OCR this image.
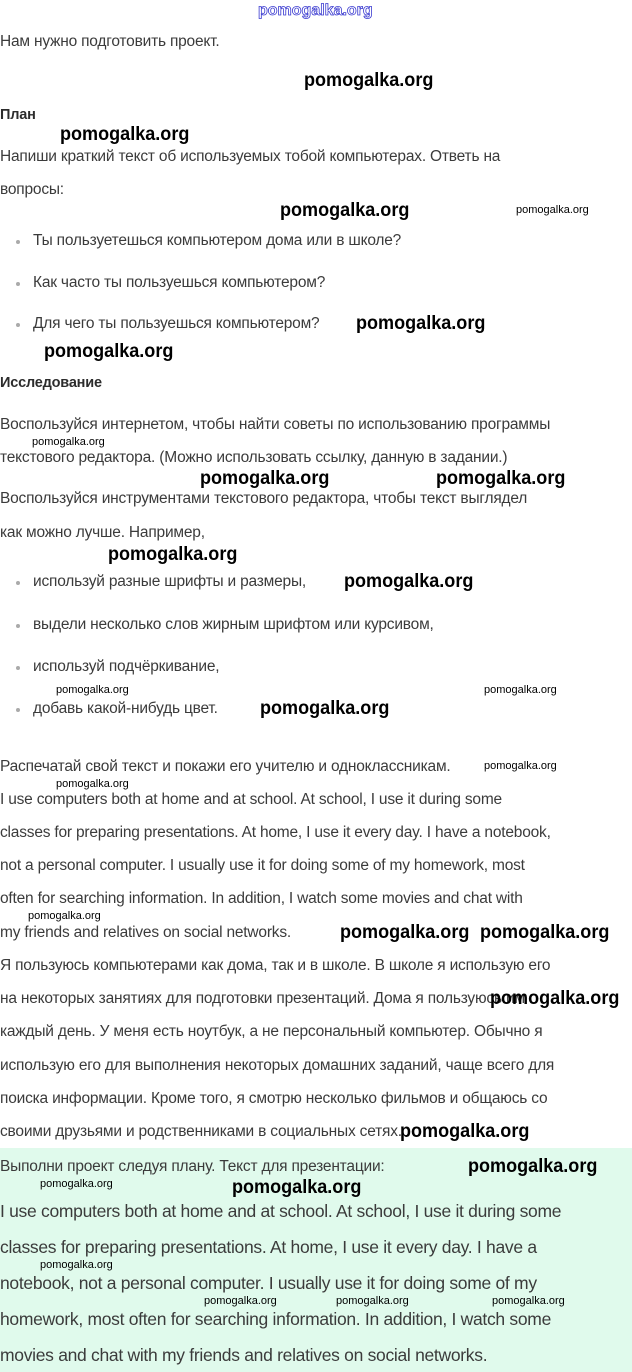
pomogalka.org
Нам нужно подготовить проект.
План
Напиши краткий текст об используемых тобой компьютерах. Ответь на
вопросы:
Ты пользуетешься компьютером дома или в школе?
Как часто ты пользуешься компьютером?
Для чего ты пользуешься компьютером?
Исследование
Воспользуйся интернетом, чтобы найти советы по использованию программы
текстового редактора. (Можно использовать ссылку, данную в задании.)
Воспользуйся инструментами текстового редактора, чтобы текст выглядел
как можно лучше. Например,
используй разные шрифты и размеры,
выдели несколько слов жирным шрифтом или курсивом,
используй подчёркивание,
добавь какой-нибудь цвет.
Распечатай свой текст и покажи его учителю и одноклассникам.
I use computers both at home and at school. At school, I use it during some
classes for preparing presentations. At home, I use it every day. I have a notebook,
not a personal computer. I usually use it for doing some of my homework, most
often for searching information. In addition, I watch some movies and chat with
my friends and relatives on social networks.
Я пользуюсь компьютерами как дома, так и в школе. В школе я использую его
на некоторых занятиях для подготовки презентаций. Дома я пользуюсь им
каждый день. У меня есть ноутбук, а не персональный компьютер. Обычно я
использую его для выполнения некоторых домашних заданий, чаще всего для
поиска информации. Кроме того, я смотрю несколько фильмов и общаюсь со
своими друзьями и родственниками в социальных сетях.
Выполни проект следуя плану. Текст для презентации:
I use computers both at home and at school. At school, I use it during some
classes for preparing presentations. At home, I use it every day. I have a
notebook, not a personal computer. I usually use it for doing some of my
homework, most often for searching information. In addition, I watch some
movies and chat with my friends and relatives on social networks.
pomogalka.org
pomogalka.org
pomogalka.org	pomogalka.org
pomogalka.org
pomogalka.org
pomogalka.org
pomogalka.org	pomogalka.org
pomogalka.org
pomogalka.org
pomogalka.org
pomogalka.org
pomogalka.org
pomogalka.org
pomogalka.org
pomogalka.org
pomogalka.org pomogalka.org
pomogalka.org
pomogalka.org
pomogalka.org
pomogalka.org	pomogalka.org
pomogalka.org
pomogalka.org
pomogalka.org	pomogalka.org
